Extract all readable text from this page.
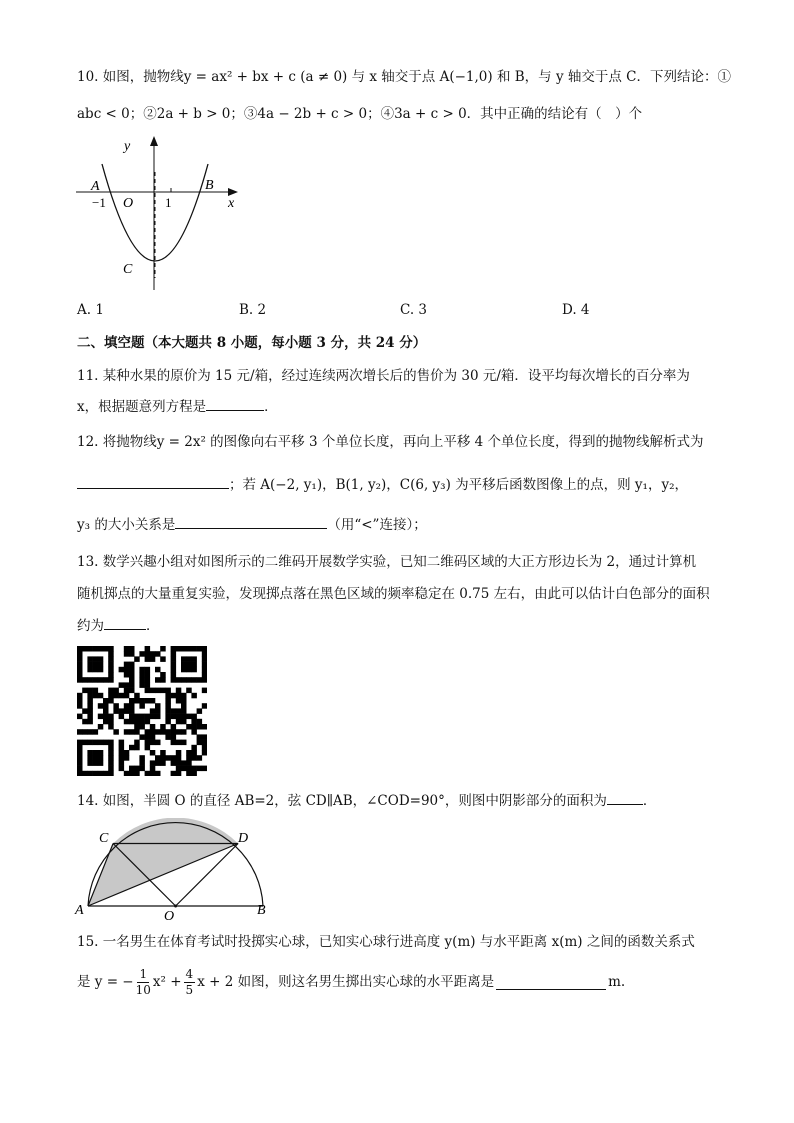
10. 如图，抛物线y = ax² + bx + c (a ≠ 0) 与 x 轴交于点 A(−1,0) 和 B，与 y 轴交于点 C．下列结论：①
abc < 0；②2a + b > 0；③4a − 2b + c > 0；④3a + c > 0．其中正确的结论有（　）个
y
x
A	B
−1 O 1
C
A. 1	B. 2	C. 3	D. 4
二、填空题（本大题共 8 小题，每小题 3 分，共 24 分）
11. 某种水果的原价为 15 元/箱，经过连续两次增长后的售价为 30 元/箱．设平均每次增长的百分率为
x，根据题意列方程是	．
12. 将抛物线y = 2x² 的图像向右平移 3 个单位长度，再向上平移 4 个单位长度，得到的抛物线解析式为
；若 A(−2, y₁)，B(1, y₂)，C(6, y₃) 为平移后函数图像上的点，则 y₁，y₂，
y₃ 的大小关系是	（用“<”连接）；
13. 数学兴趣小组对如图所示的二维码开展数学实验，已知二维码区域的大正方形边长为 2，通过计算机
随机掷点的大量重复实验，发现掷点落在黑色区域的频率稳定在 0.75 左右，由此可以估计白色部分的面积
约为	．
14. 如图，半圆 O 的直径 AB=2，弦 CD∥AB，∠COD=90°，则图中阴影部分的面积为	．
C	D
A	O	B
15. 一名男生在体育考试时投掷实心球，已知实心球行进高度 y(m) 与水平距离 x(m) 之间的函数关系式
是 y = − $\frac{1}{10} x^2 + \frac{4}{5}$ x + 2 如图，则这名男生掷出实心球的水平距离是	m.
